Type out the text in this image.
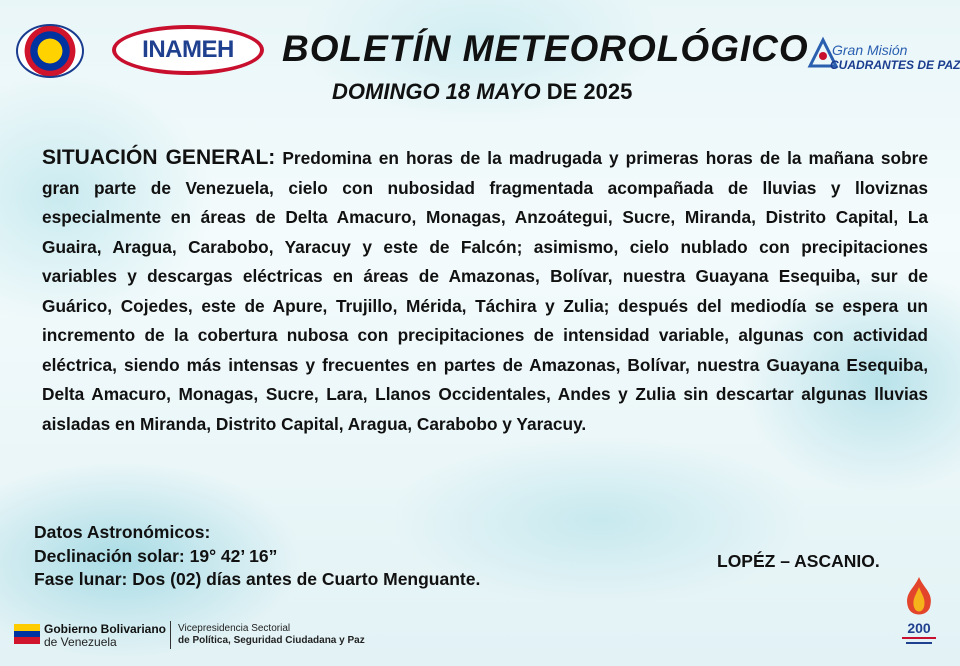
INAMEH BOLETÍN METEOROLÓGICO
DOMINGO 18 MAYO DE 2025
Gran Misión
CUADRANTES DE PAZ

SITUACIÓN GENERAL: Predomina en horas de la madrugada y primeras horas de la mañana sobre gran parte de Venezuela, cielo con nubosidad fragmentada acompañada de lluvias y lloviznas especialmente en áreas de Delta Amacuro, Monagas, Anzoátegui, Sucre, Miranda, Distrito Capital, La Guaira, Aragua, Carabobo, Yaracuy y este de Falcón; asimismo, cielo nublado con precipitaciones variables y descargas eléctricas en áreas de Amazonas, Bolívar, nuestra Guayana Esequiba, sur de Guárico, Cojedes, este de Apure, Trujillo, Mérida, Táchira y Zulia; después del mediodía se espera un incremento de la cobertura nubosa con precipitaciones de intensidad variable, algunas con actividad eléctrica, siendo más intensas y frecuentes en partes de Amazonas, Bolívar, nuestra Guayana Esequiba, Delta Amacuro, Monagas, Sucre, Lara, Llanos Occidentales, Andes y Zulia sin descartar algunas lluvias aisladas en Miranda, Distrito Capital, Aragua, Carabobo y Yaracuy.

Datos Astronómicos:
Declinación solar: 19° 42’ 16”
Fase lunar: Dos (02) días antes de Cuarto Menguante.
LOPÉZ – ASCANIO.
Gobierno Bolivariano
de Venezuela
Vicepresidencia Sectorial
de Política, Seguridad Ciudadana y Paz
200
